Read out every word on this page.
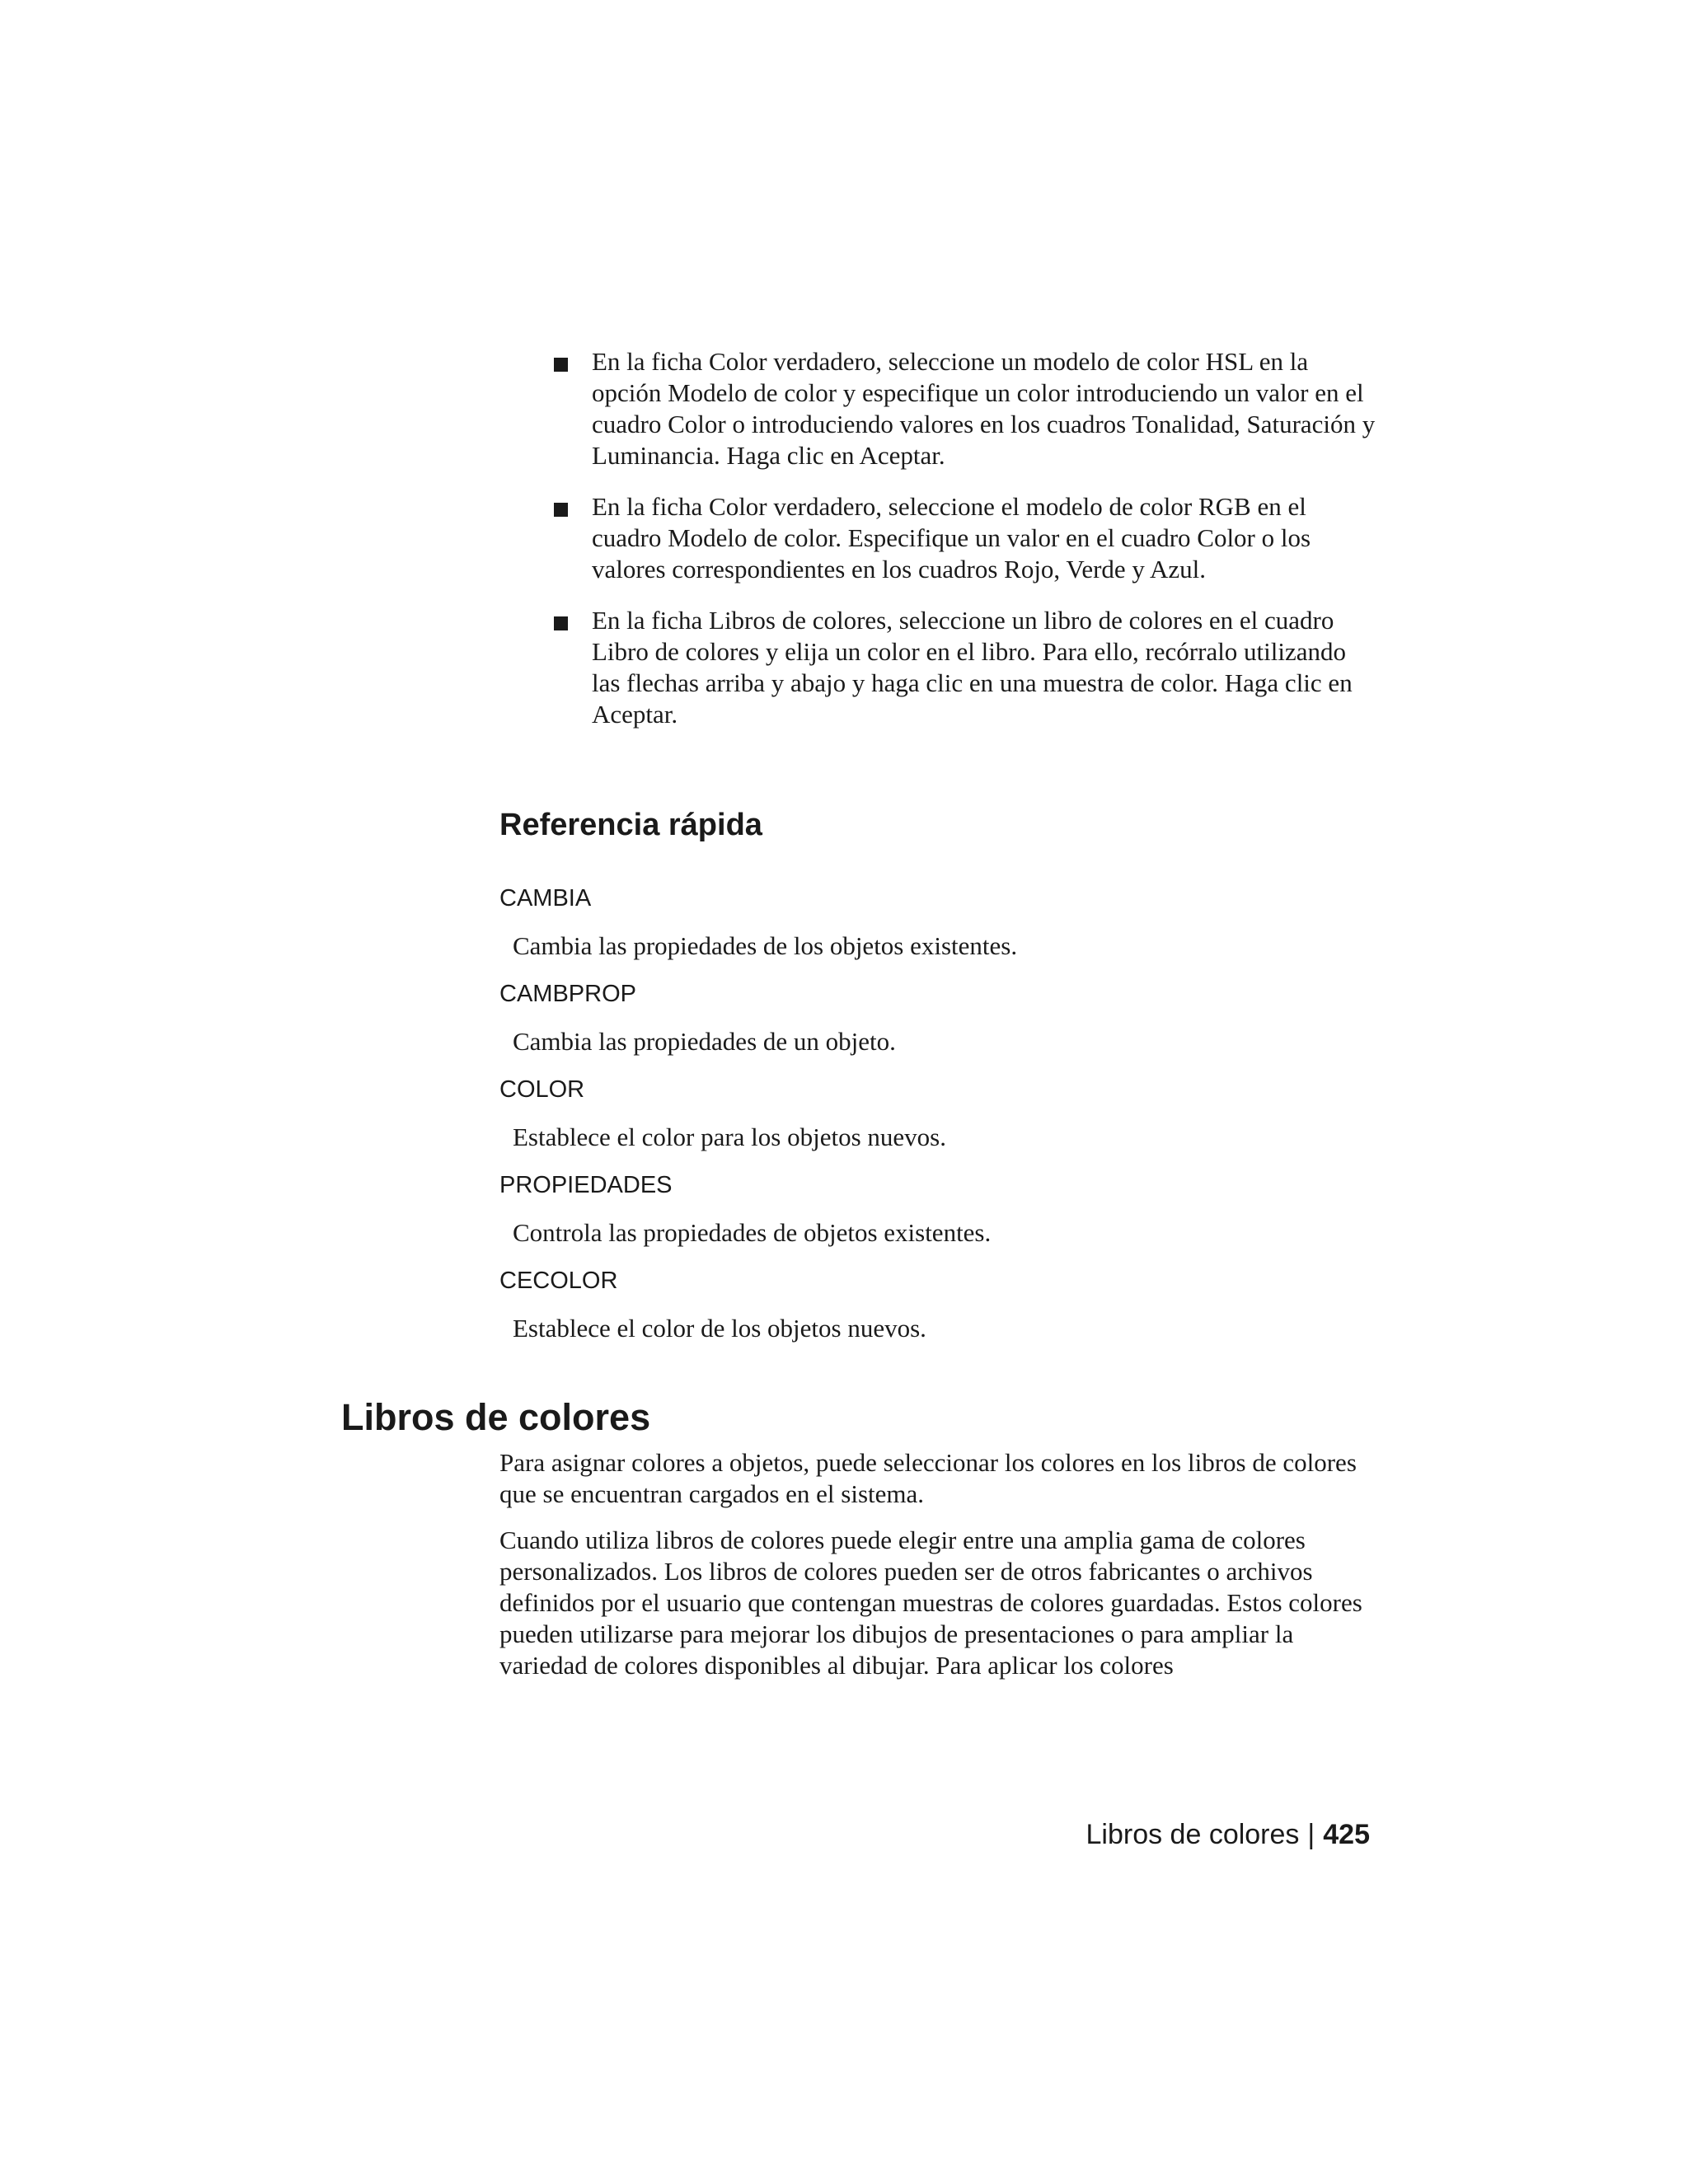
En la ficha Color verdadero, seleccione un modelo de color HSL en la opción Modelo de color y especifique un color introduciendo un valor en el cuadro Color o introduciendo valores en los cuadros Tonalidad, Saturación y Luminancia. Haga clic en Aceptar.
En la ficha Color verdadero, seleccione el modelo de color RGB en el cuadro Modelo de color. Especifique un valor en el cuadro Color o los valores correspondientes en los cuadros Rojo, Verde y Azul.
En la ficha Libros de colores, seleccione un libro de colores en el cuadro Libro de colores y elija un color en el libro. Para ello, recórralo utilizando las flechas arriba y abajo y haga clic en una muestra de color. Haga clic en Aceptar.
Referencia rápida

CAMBIA

Cambia las propiedades de los objetos existentes.

CAMBPROP

Cambia las propiedades de un objeto.

COLOR

Establece el color para los objetos nuevos.

PROPIEDADES

Controla las propiedades de objetos existentes.

CECOLOR

Establece el color de los objetos nuevos.

Libros de colores

Para asignar colores a objetos, puede seleccionar los colores en los libros de colores que se encuentran cargados en el sistema.

Cuando utiliza libros de colores puede elegir entre una amplia gama de colores personalizados. Los libros de colores pueden ser de otros fabricantes o archivos definidos por el usuario que contengan muestras de colores guardadas. Estos colores pueden utilizarse para mejorar los dibujos de presentaciones o para ampliar la variedad de colores disponibles al dibujar. Para aplicar los colores

Libros de colores | 425
